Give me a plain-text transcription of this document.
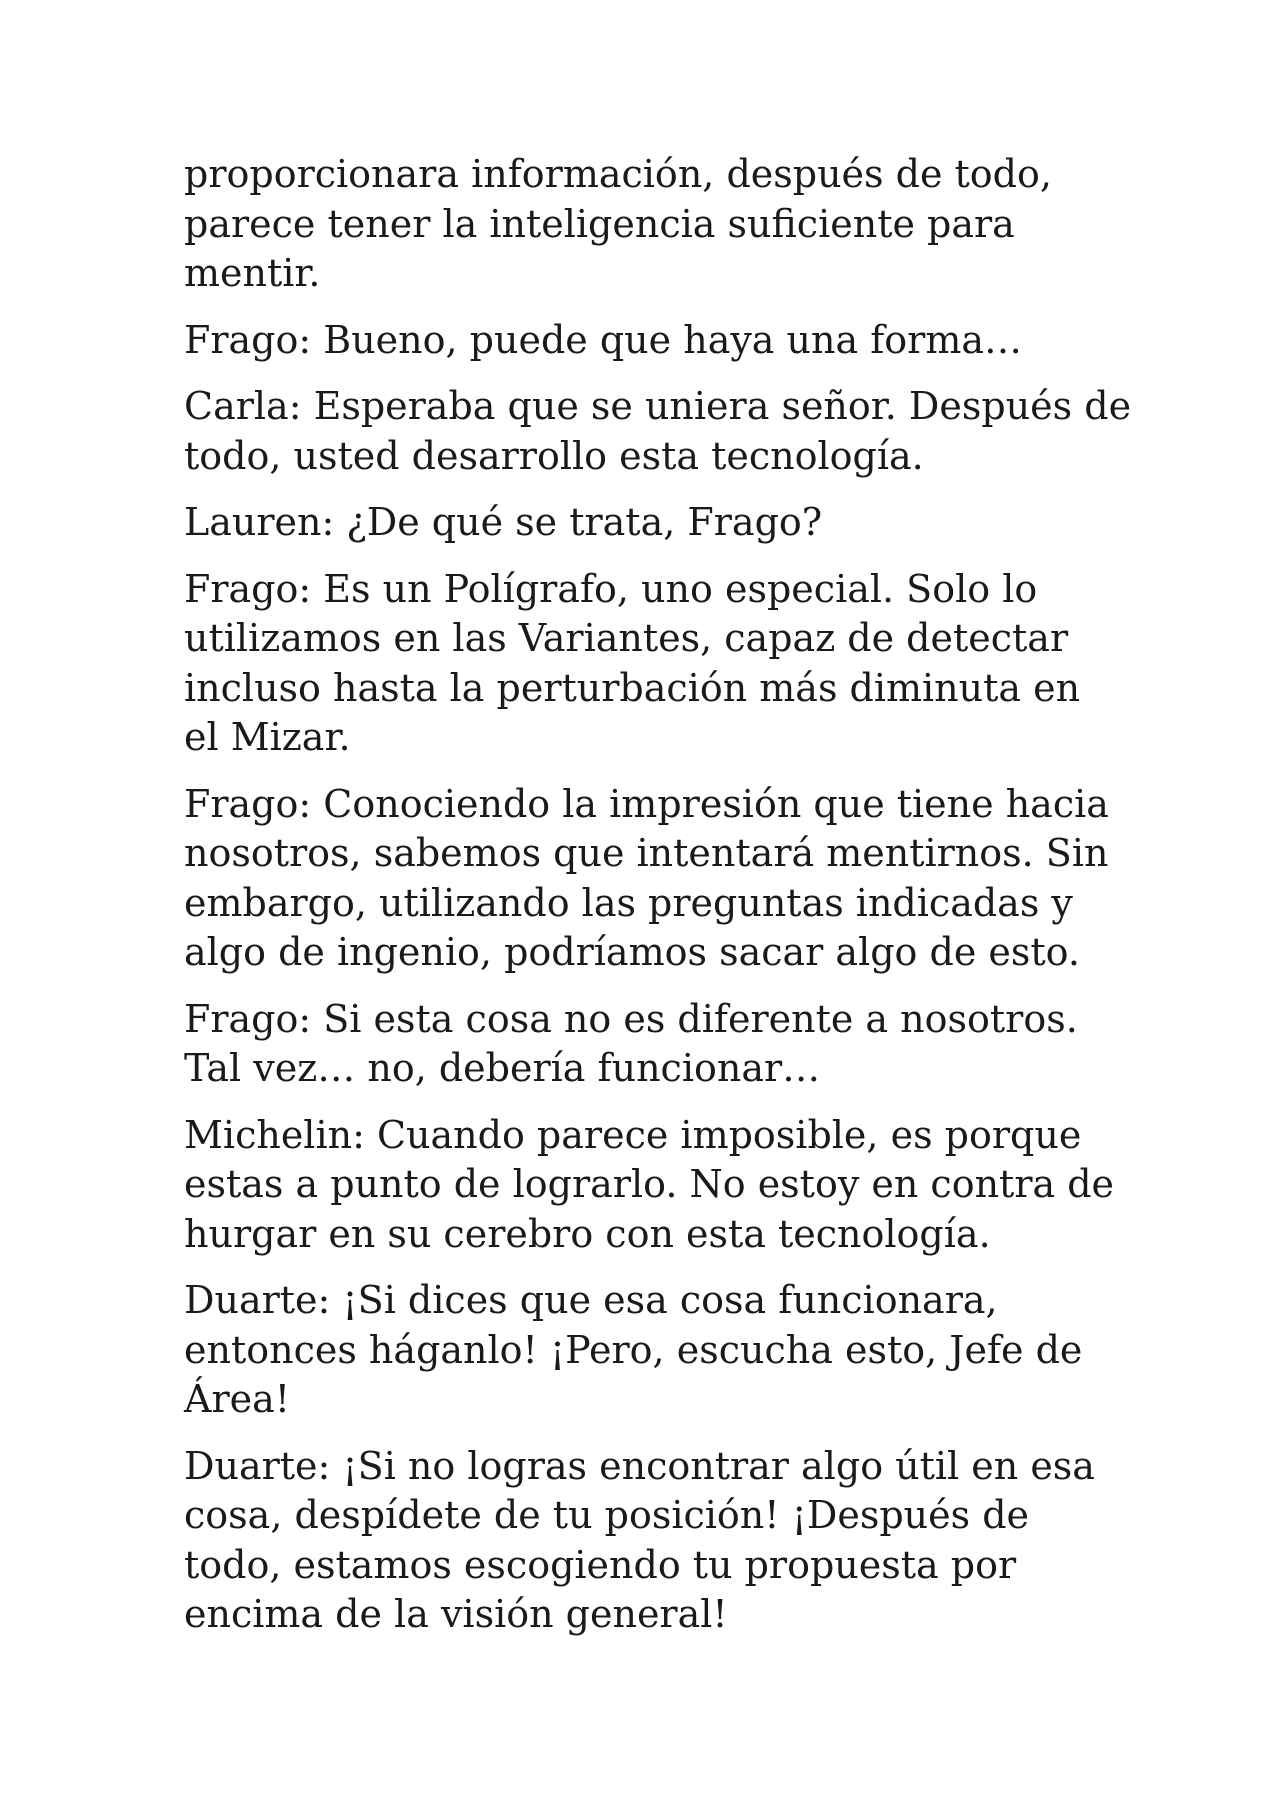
proporcionara información, después de todo,
parece tener la inteligencia suficiente para
mentir.

Frago: Bueno, puede que haya una forma…

Carla: Esperaba que se uniera señor. Después de
todo, usted desarrollo esta tecnología.

Lauren: ¿De qué se trata, Frago?

Frago: Es un Polígrafo, uno especial. Solo lo
utilizamos en las Variantes, capaz de detectar
incluso hasta la perturbación más diminuta en
el Mizar.

Frago: Conociendo la impresión que tiene hacia
nosotros, sabemos que intentará mentirnos. Sin
embargo, utilizando las preguntas indicadas y
algo de ingenio, podríamos sacar algo de esto.

Frago: Si esta cosa no es diferente a nosotros.
Tal vez… no, debería funcionar…

Michelin: Cuando parece imposible, es porque
estas a punto de lograrlo. No estoy en contra de
hurgar en su cerebro con esta tecnología.

Duarte: ¡Si dices que esa cosa funcionara,
entonces háganlo! ¡Pero, escucha esto, Jefe de
Área!

Duarte: ¡Si no logras encontrar algo útil en esa
cosa, despídete de tu posición! ¡Después de
todo, estamos escogiendo tu propuesta por
encima de la visión general!
